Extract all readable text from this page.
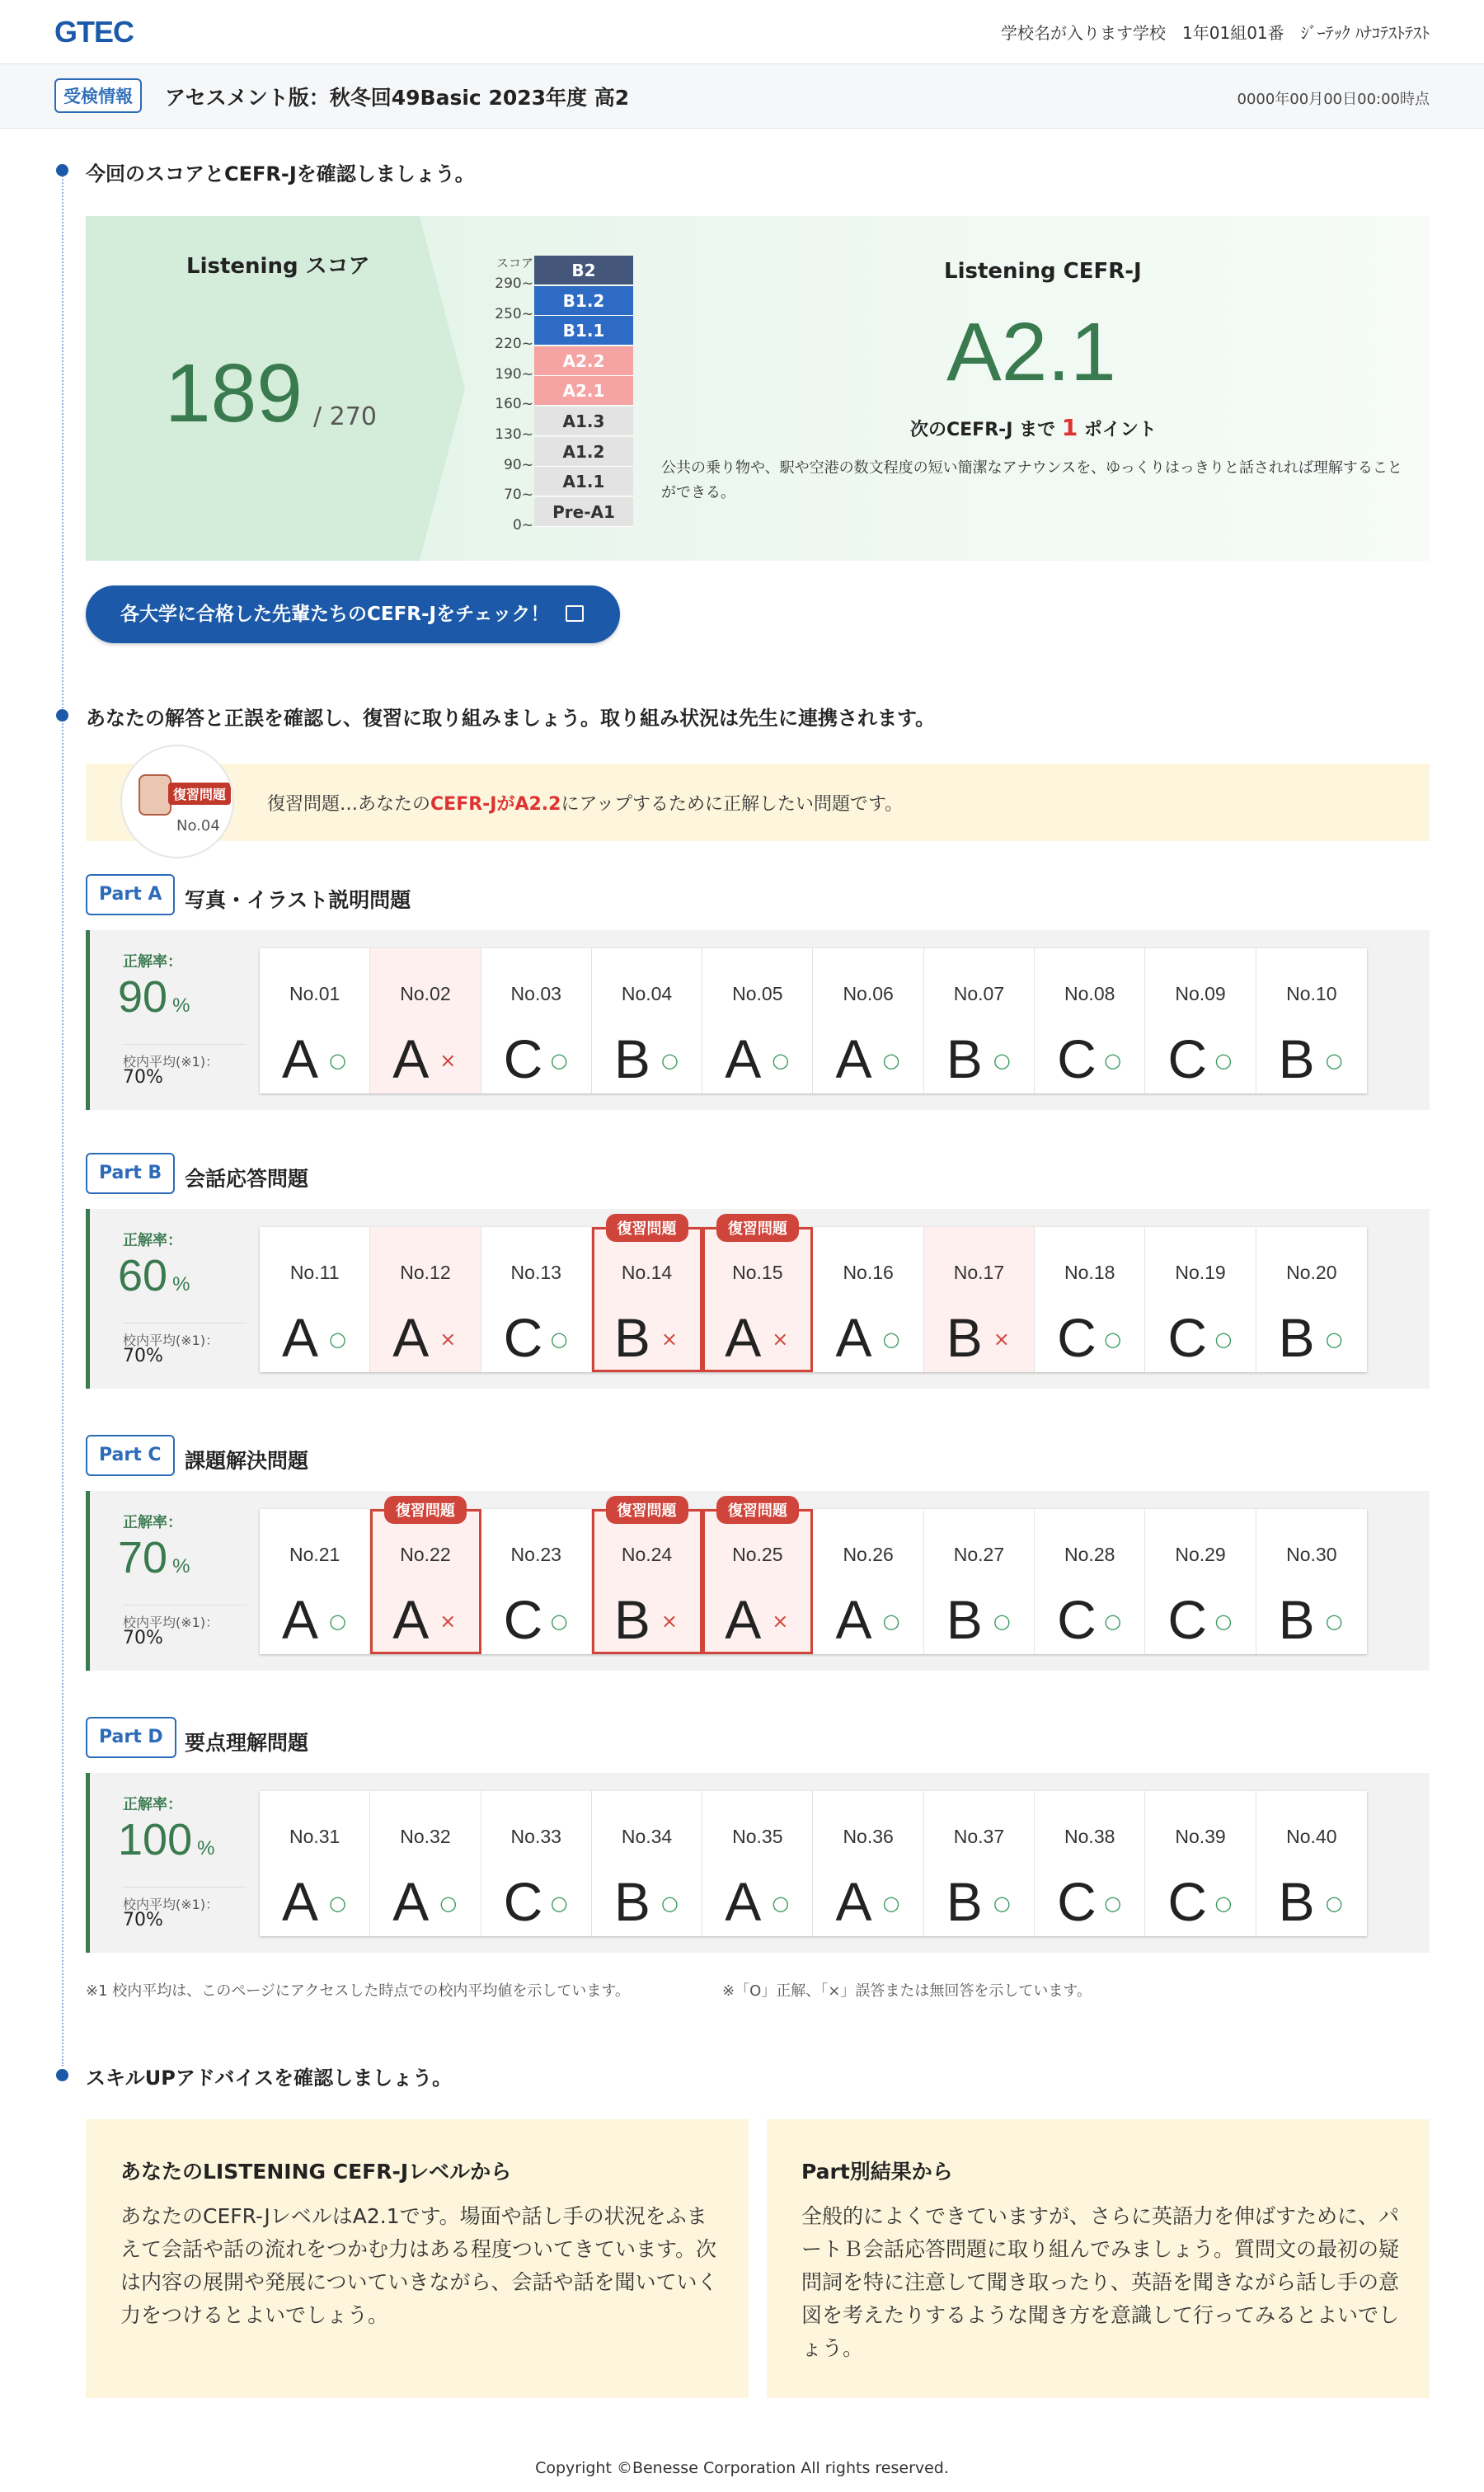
GTEC	学校名が入ります学校　1年01組01番　ｼﾞｰﾃｯｸ ﾊﾅｺﾃｽﾄﾃｽﾄ
受検情報	アセスメント版：秋冬回49Basic 2023年度 高2	0000年00月00日00:00時点
今回のスコアとCEFR-Jを確認しましょう。
Listening スコア
189 / 270
スコア	B2
290~
B1.2
250~
B1.1
220~
A2.2
190~
A2.1
160~
A1.3
130~
A1.2
90~
A1.1
70~
Pre-A1
0~
Listening CEFR-J
A2.1
次のCEFR-J まで 1 ポイント
公共の乗り物や、駅や空港の数文程度の短い簡潔なアナウンスを、ゆっくりはっきりと話されれば理解することができる。
各大学に合格した先輩たちのCEFR-Jをチェック！
あなたの解答と正誤を確認し、復習に取り組みましょう。取り組み状況は先生に連携されます。
復習問題
No.04
復習問題…あなたのCEFR-JがA2.2にアップするために正解したい問題です。
Part A	写真・イラスト説明問題
正解率：
90 %
校内平均(※1)：
70%
No.01
A ○
No.02
A ×
No.03
C ○
No.04
B ○
No.05
A ○
No.06
A ○
No.07
B ○
No.08
C ○
No.09
C ○
No.10
B ○
Part B	会話応答問題
正解率：
60 %
校内平均(※1)：
70%
No.11
A ○
No.12
A ×
No.13
C ○
復習問題
No.14
B ×
復習問題
No.15
A ×
No.16
A ○
No.17
B ×
No.18
C ○
No.19
C ○
No.20
B ○
Part C	課題解決問題
正解率：
70 %
校内平均(※1)：
70%
No.21
A ○
復習問題
No.22
A ×
No.23
C ○
復習問題
No.24
B ×
復習問題
No.25
A ×
No.26
A ○
No.27
B ○
No.28
C ○
No.29
C ○
No.30
B ○
Part D	要点理解問題
正解率：
100 %
校内平均(※1)：
70%
No.31
A ○
No.32
A ○
No.33
C ○
No.34
B ○
No.35
A ○
No.36
A ○
No.37
B ○
No.38
C ○
No.39
C ○
No.40
B ○
※1 校内平均は、このページにアクセスした時点での校内平均値を示しています。	※「O」正解、「×」誤答または無回答を示しています。
スキルUPアドバイスを確認しましょう。
あなたのLISTENING CEFR-Jレベルから
あなたのCEFR-JレベルはA2.1です。場面や話し手の状況をふまえて会話や話の流れをつかむ力はある程度ついてきています。次は内容の展開や発展についていきながら、会話や話を聞いていく力をつけるとよいでしょう。
Part別結果から
全般的によくできていますが、さらに英語力を伸ばすために、パートＢ会話応答問題に取り組んでみましょう。質問文の最初の疑問詞を特に注意して聞き取ったり、英語を聞きながら話し手の意図を考えたりするような聞き方を意識して行ってみるとよいでしょう。
Copyright ©Benesse Corporation All rights reserved.
